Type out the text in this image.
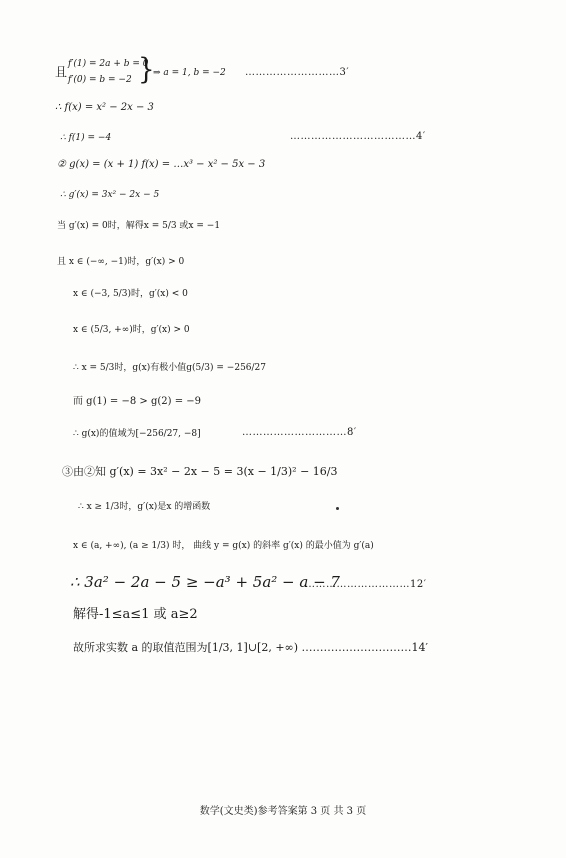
且
f′(1) = 2a + b = 0
f′(0) = b = −2 }
⇒ a = 1, b = −2 ………………………3′
∴ f(x) = x² − 2x − 3
∴ f(1) = −4	………………………………4′
② g(x) = (x + 1) f(x) = …x³ − x² − 5x − 3
∴ g′(x) = 3x² − 2x − 5
当 g′(x) = 0时，解得x = 5/3 或x = −1
且 x ∈ (−∞, −1)时，g′(x) > 0
x ∈ (−3, 5/3)时，g′(x) < 0
x ∈ (5/3, +∞)时，g′(x) > 0
∴ x = 5/3时，g(x)有极小值g(5/3) = −256/27
而 g(1) = −8 > g(2) = −9
∴ g(x)的值域为[−256/27, −8]	…………………………8′
③由②知 g′(x) = 3x² − 2x − 5 = 3(x − 1/3)² − 16/3
∴ x ≥ 1/3时，g′(x)是x 的增函数
x ∈ (a, +∞), (a ≥ 1/3) 时， 曲线 y = g(x) 的斜率 g′(x) 的最小值为 g′(a)
∴ 3a² − 2a − 5 ≥ −a³ + 5a² − a − 7
…………………………12′
解得-1≤a≤1 或 a≥2
故所求实数 a 的取值范围为[1/3, 1]∪[2, +∞) …………………………14′
数学(文史类)参考答案第 3 页 共 3 页
